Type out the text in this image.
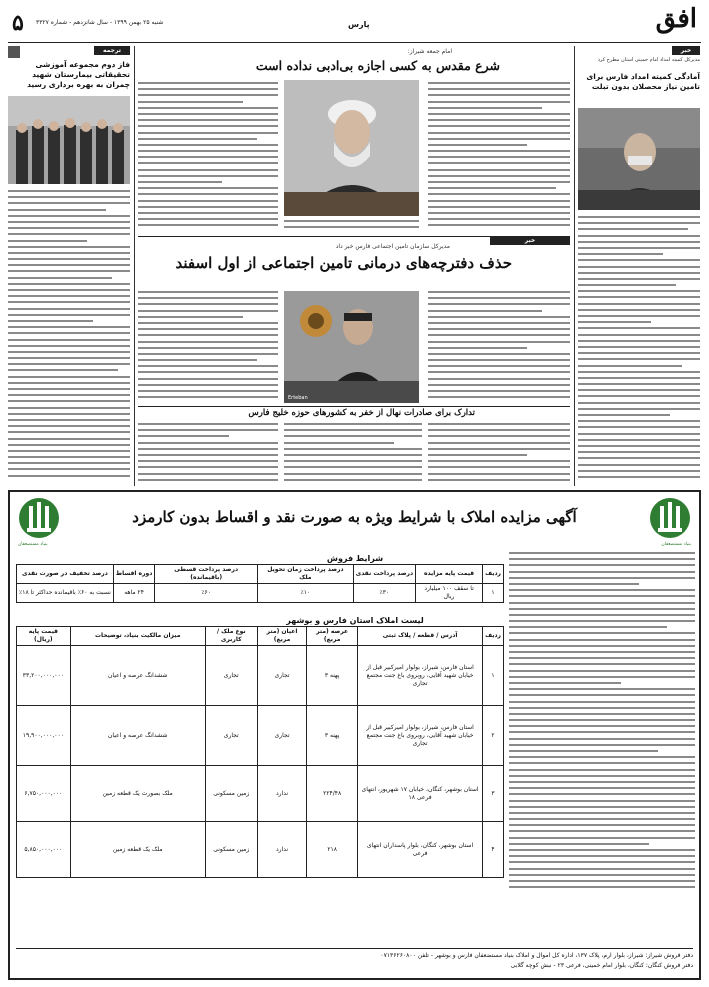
۵ شنبه ۲۵ بهمن ۱۳۹۹ - سال شانزدهم - شماره ۳۳۲۷	پارس	افق
خبر
مدیرکل کمیته امداد امام خمینی استان مطرح کرد
آمادگی کمیته امداد فارس برای تامین نیاز محصلان بدون تبلت
ترجمه
فاز دوم مجموعه آموزشی تحقیقاتی بیمارستان شهید چمران به بهره برداری رسید
امام جمعه شیراز:
شرع مقدس به کسی اجازه بی‌ادبی نداده است
خبر
مدیرکل سازمان تامین اجتماعی فارس خبر داد
حذف دفترچه‌های درمانی تامین اجتماعی از اول اسفند
Erteban
تدارک برای صادرات نهال از خفر به کشورهای حوزه خلیج فارس
بنیاد مستضعفان
بنیاد مستضعفان
آگهی مزایده املاک با شرایط ویژه به صورت نقد و اقساط بدون کارمزد
شرایط فروش
ردیف	قیمت پایه مزایده	درصد پرداخت نقدی	درصد پرداخت زمان تحویل ملک	درصد پرداخت قسطی (باقیمانده)	دوره اقساط	درصد تخفیف در صورت نقدی
۱	تا سقف ۱۰۰ میلیارد ریال	٪۳۰	٪۱۰	٪۶۰	۲۴ ماهه	نسبت به ۶۰٪ باقیمانده حداکثر تا ۱۸٪
لیست املاک استان فارس و بوشهر
ردیف	آدرس / قطعه / پلاک ثبتی	عرصه (متر مربع)	اعیان (متر مربع)	نوع ملک / کاربری	میزان مالکیت بنیاد، توضیحات	قیمت پایه (ریال)
۱	استان فارس، شیراز، بولوار امیرکبیر قبل از خیابان شهید آقایی، روبروی باغ جنت مجتمع تجاری	پهنه ۳	تجاری	تجاری	ششدانگ عرصه و اعیان	۳۳,۲۰۰,۰۰۰,۰۰۰
۲	استان فارس، شیراز، بولوار امیرکبیر قبل از خیابان شهید آقایی، روبروی باغ جنت مجتمع تجاری	پهنه ۳	تجاری	تجاری	ششدانگ عرصه و اعیان	۱۹,۹۰۰,۰۰۰,۰۰۰
۳	استان بوشهر، کنگان، خیابان ۱۷ شهریور، انتهای فرعی ۱۸	۲۲۴/۴۸	ندارد	زمین مسکونی	ملک بصورت یک قطعه زمین	۶,۷۵۰,۰۰۰,۰۰۰
۴	استان بوشهر، کنگان، بلوار پاسداران انتهای فرعی	۲۱۸	ندارد	زمین مسکونی	ملک یک قطعه زمین	۵,۸۵۰,۰۰۰,۰۰۰
دفتر فروش شیراز: شیراز، بلوار ارم، پلاک ۱۳۷، اداره کل اموال و املاک بنیاد مستضعفان فارس و بوشهر - تلفن ۰۷۱۳۶۲۶۰۸۰۰
دفتر فروش کنگان: کنگان، بلوار امام خمینی، فرعی ۲۳ - نبش کوچه گلابی
